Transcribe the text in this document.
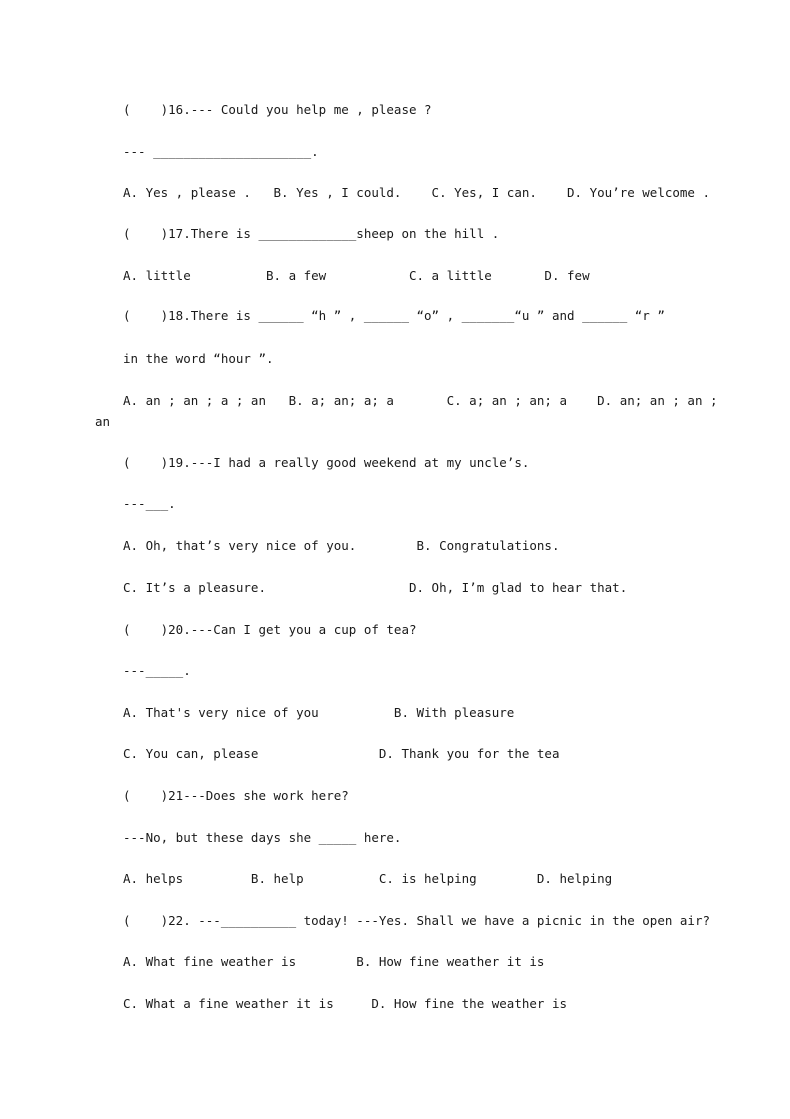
(    )16.--- Could you help me , please ?
--- _____________________.
A. Yes , please .   B. Yes , I could.    C. Yes, I can.    D. You’re welcome .
(    )17.There is _____________sheep on the hill .
A. little          B. a few           C. a little       D. few
(    )18.There is ______ “h ” , ______ “o” , _______“u ” and ______ “r ”
in the word “hour ”.
A. an ; an ; a ; an   B. a; an; a; a       C. a; an ; an; a    D. an; an ; an ;
an
(    )19.---I had a really good weekend at my uncle’s.
---___.
A. Oh, that’s very nice of you.        B. Congratulations.
C. It’s a pleasure.                   D. Oh, I’m glad to hear that.
(    )20.---Can I get you a cup of tea?
---_____.
A. That's very nice of you          B. With pleasure
C. You can, please                D. Thank you for the tea
(    )21---Does she work here?
---No, but these days she _____ here.
A. helps         B. help          C. is helping        D. helping
(    )22. ---__________ today! ---Yes. Shall we have a picnic in the open air?
A. What fine weather is        B. How fine weather it is
C. What a fine weather it is     D. How fine the weather is
